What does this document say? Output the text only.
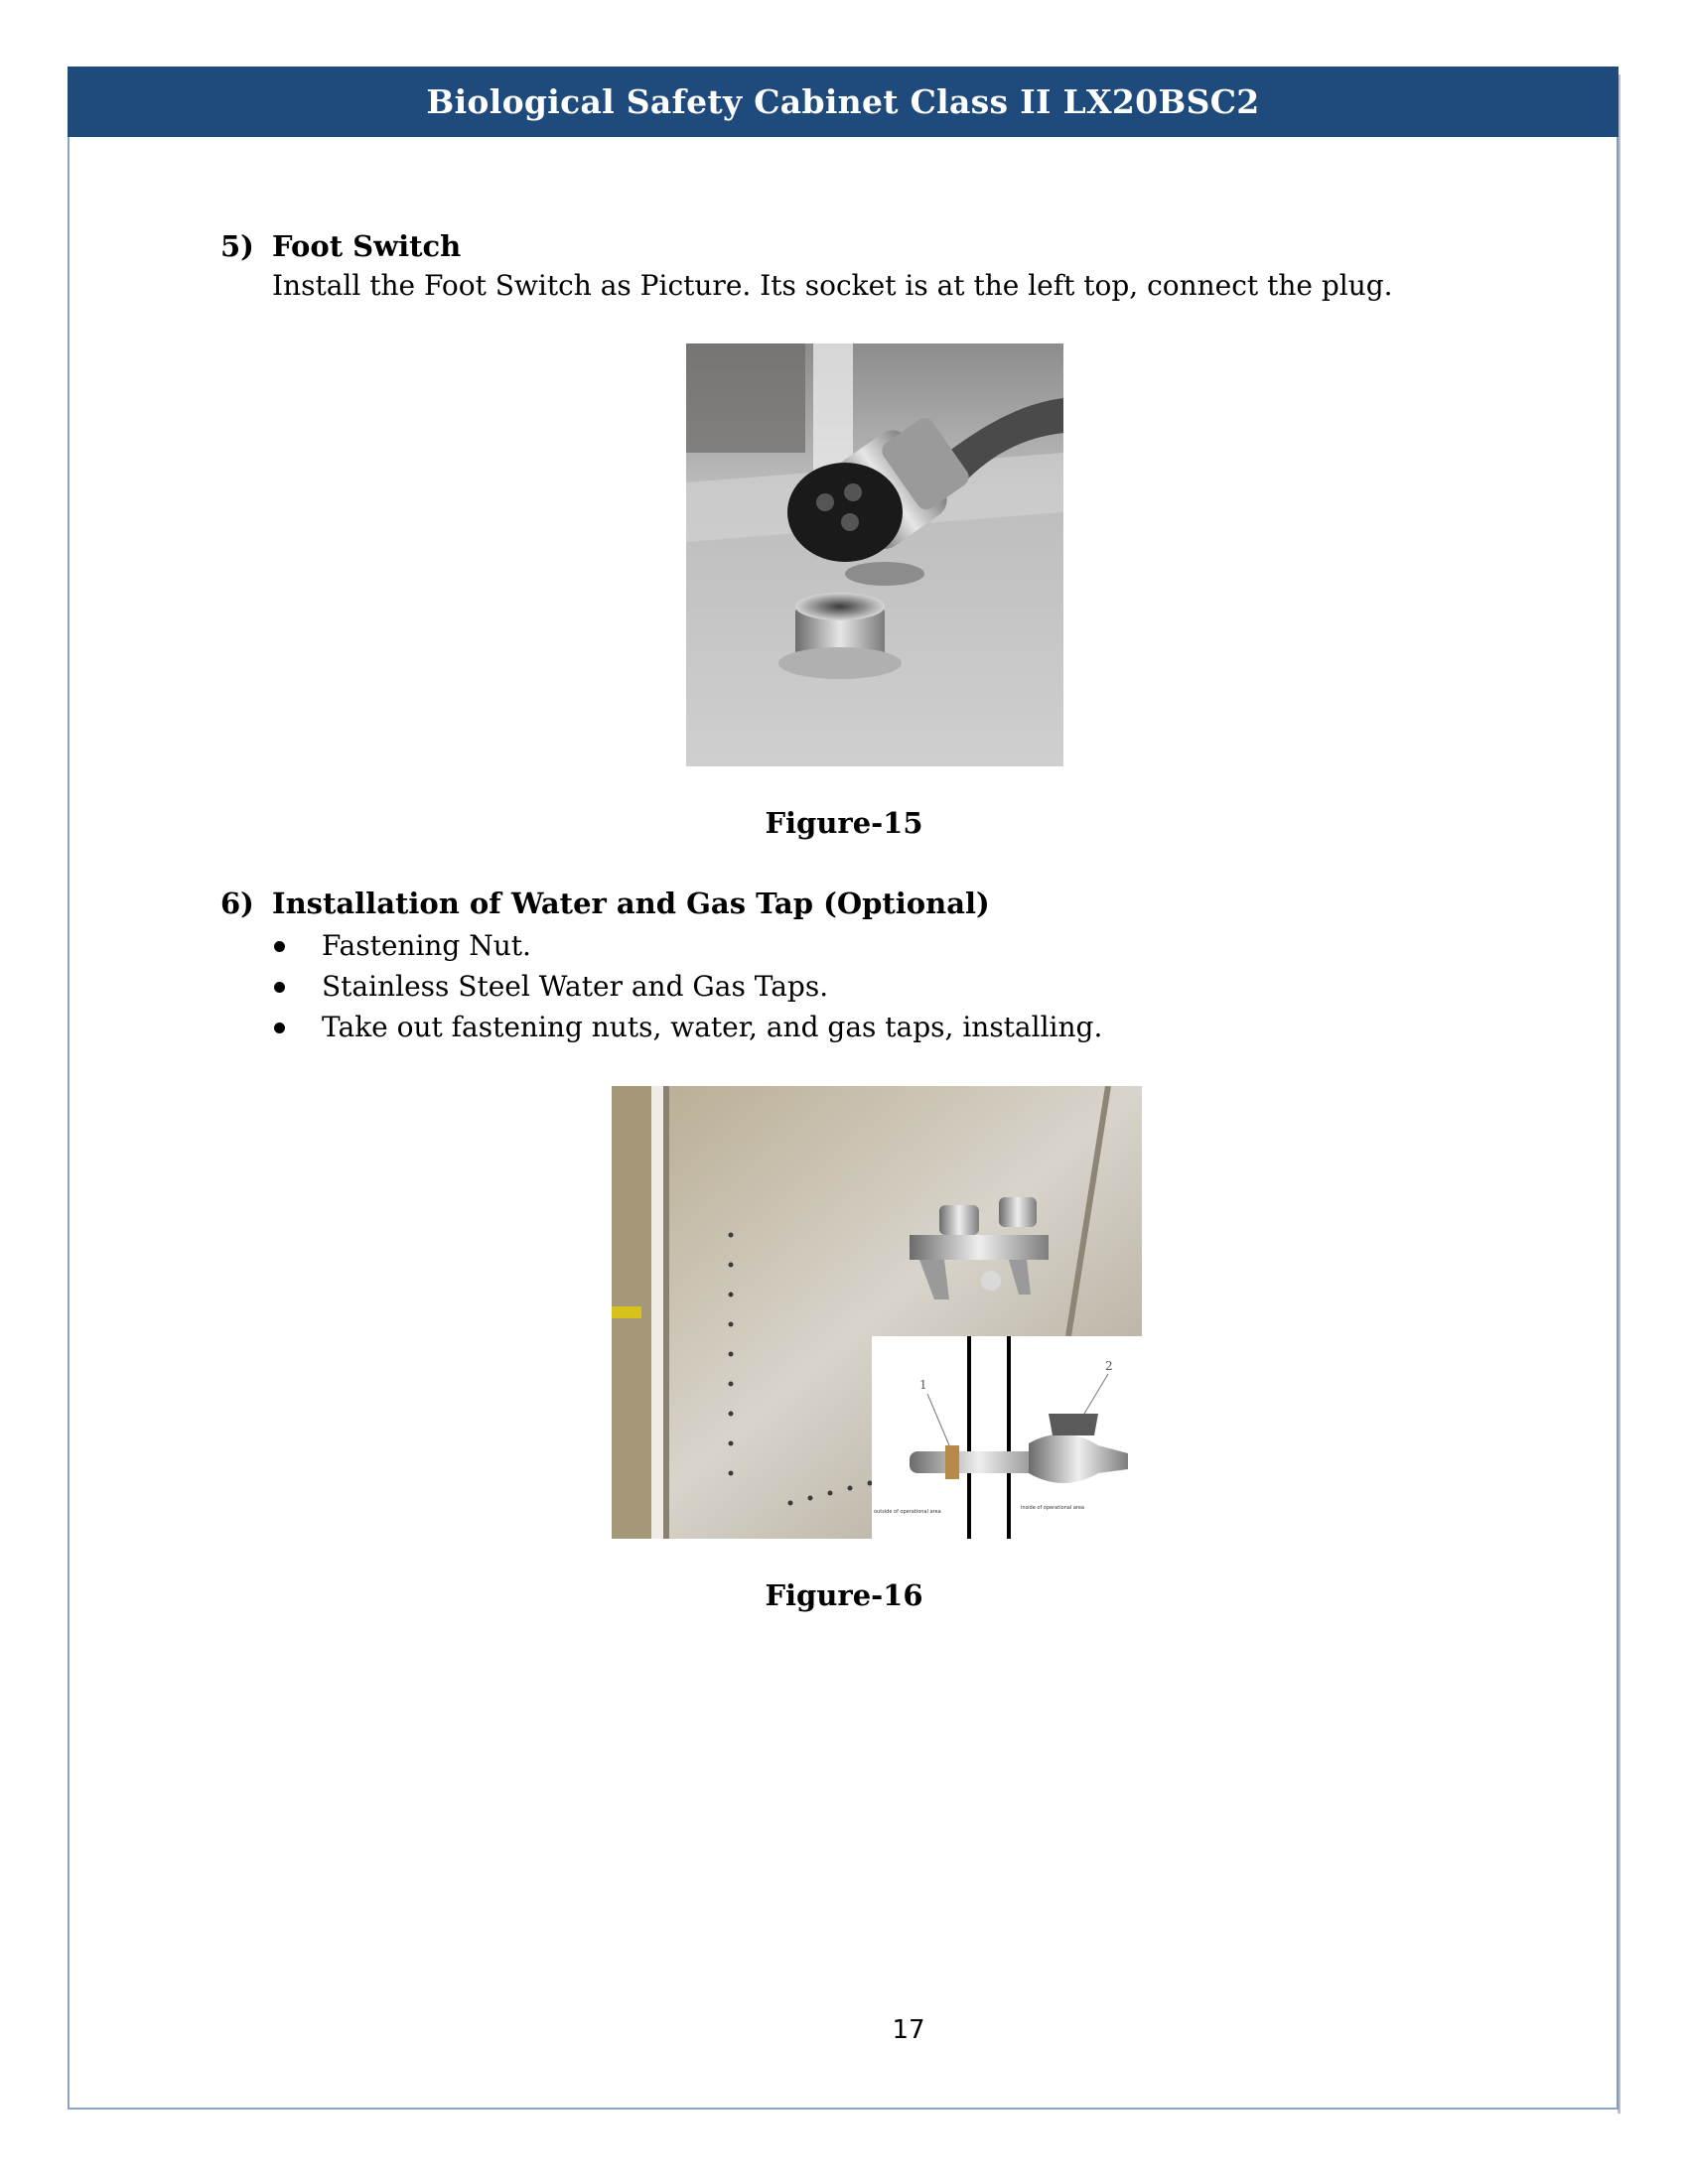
Biological Safety Cabinet Class II LX20BSC2
5) Foot Switch
Install the Foot Switch as Picture. Its socket is at the left top, connect the plug.
Figure-15
6) Installation of Water and Gas Tap (Optional)
Fastening Nut.
Stainless Steel Water and Gas Taps.
Take out fastening nuts, water, and gas taps, installing.
1
2
outside of operational area
inside of operational area
Figure-16
17
